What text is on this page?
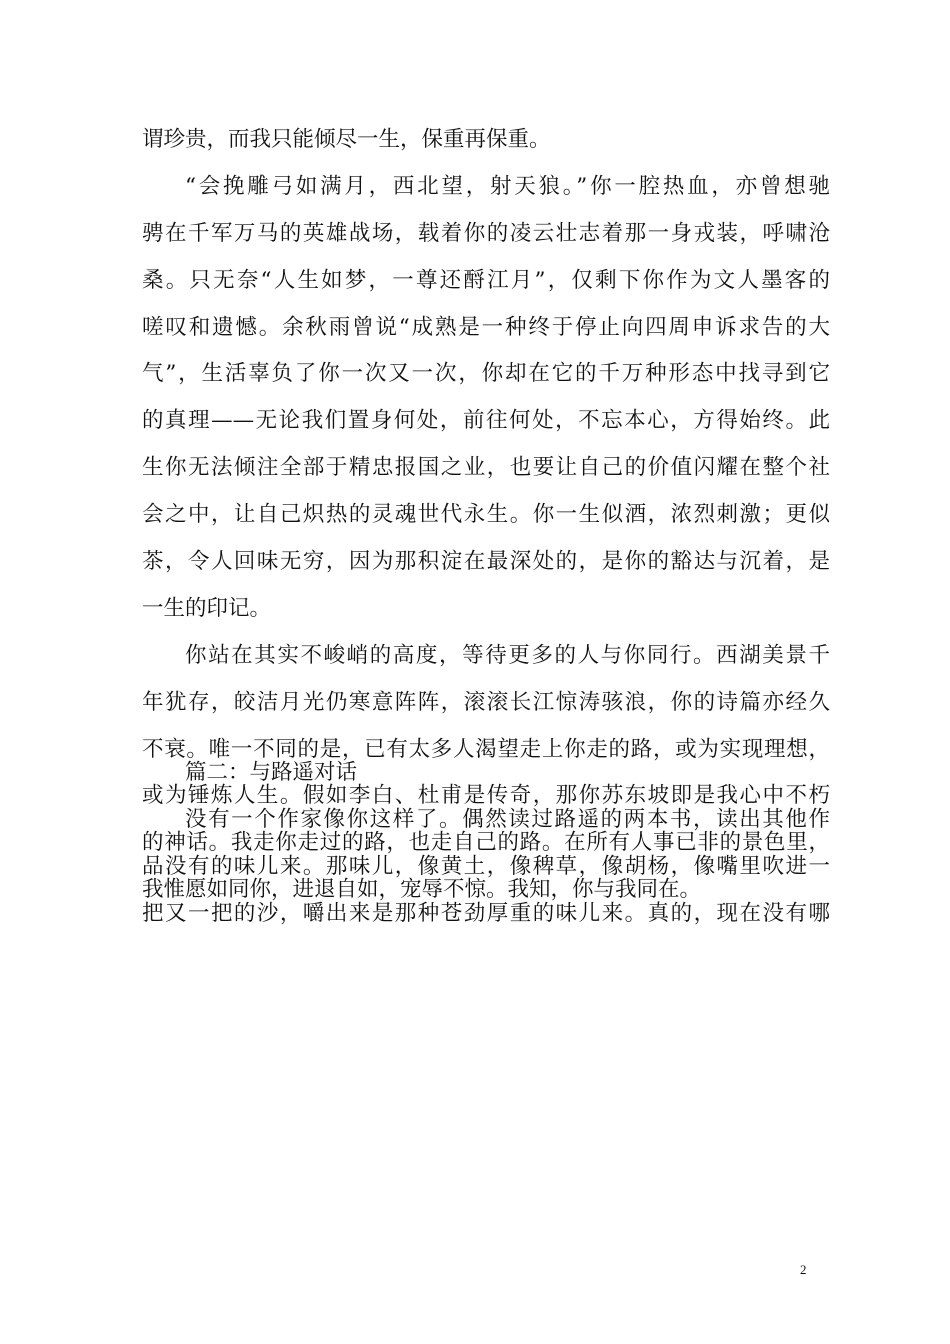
谓珍贵，而我只能倾尽一生，保重再保重。
“会挽雕弓如满月，西北望，射天狼。”你一腔热血，亦曾想驰
骋在千军万马的英雄战场，载着你的凌云壮志着那一身戎装，呼啸沧
桑。只无奈“人生如梦，一尊还酹江月”，仅剩下你作为文人墨客的
嗟叹和遗憾。余秋雨曾说“成熟是一种终于停止向四周申诉求告的大
气”，生活辜负了你一次又一次，你却在它的千万种形态中找寻到它
的真理——无论我们置身何处，前往何处，不忘本心，方得始终。此
生你无法倾注全部于精忠报国之业，也要让自己的价值闪耀在整个社
会之中，让自己炽热的灵魂世代永生。你一生似酒，浓烈刺激；更似
茶，令人回味无穷，因为那积淀在最深处的，是你的豁达与沉着，是
一生的印记。
你站在其实不峻峭的高度，等待更多的人与你同行。西湖美景千
年犹存，皎洁月光仍寒意阵阵，滚滚长江惊涛骇浪，你的诗篇亦经久
不衰。唯一不同的是，已有太多人渴望走上你走的路，或为实现理想，
或为锤炼人生。假如李白、杜甫是传奇，那你苏东坡即是我心中不朽
的神话。我走你走过的路，也走自己的路。在所有人事已非的景色里，
我惟愿如同你，进退自如，宠辱不惊。我知，你与我同在。
篇二：与路遥对话
没有一个作家像你这样了。偶然读过路遥的两本书，读出其他作
品没有的味儿来。那味儿，像黄土，像稗草，像胡杨，像嘴里吹进一
把又一把的沙，嚼出来是那种苍劲厚重的味儿来。真的，现在没有哪
2
